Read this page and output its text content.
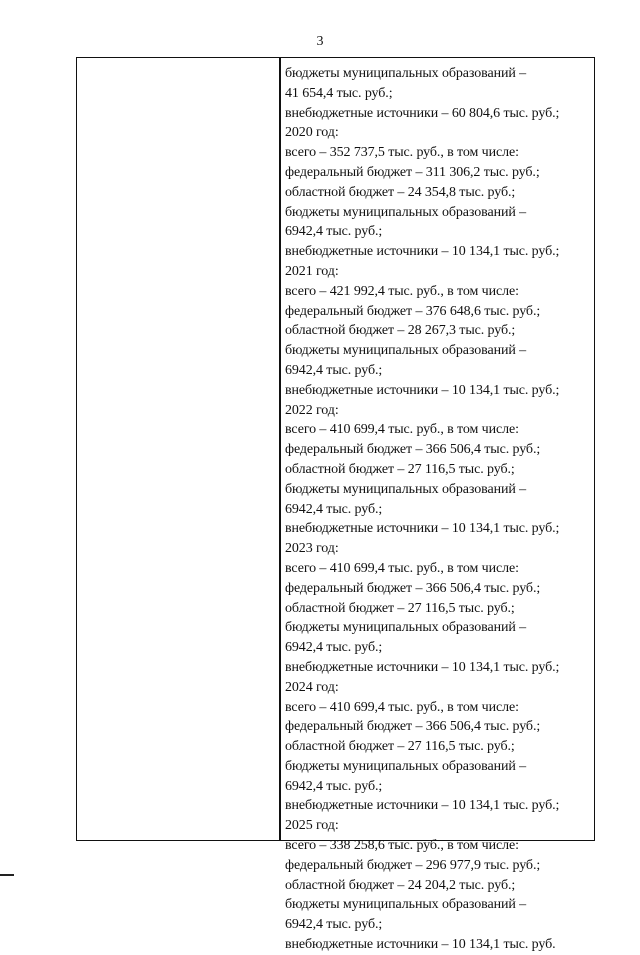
3
бюджеты муниципальных образований –
41 654,4 тыс. руб.;
внебюджетные источники – 60 804,6 тыс. руб.;
2020 год:
всего – 352 737,5 тыс. руб., в том числе:
федеральный бюджет – 311 306,2 тыс. руб.;
областной бюджет – 24 354,8 тыс. руб.;
бюджеты муниципальных образований –
6942,4 тыс. руб.;
внебюджетные источники – 10 134,1 тыс. руб.;
2021 год:
всего – 421 992,4 тыс. руб., в том числе:
федеральный бюджет – 376 648,6 тыс. руб.;
областной бюджет – 28 267,3 тыс. руб.;
бюджеты муниципальных образований –
6942,4 тыс. руб.;
внебюджетные источники – 10 134,1 тыс. руб.;
2022 год:
всего – 410 699,4 тыс. руб., в том числе:
федеральный бюджет – 366 506,4 тыс. руб.;
областной бюджет – 27 116,5 тыс. руб.;
бюджеты муниципальных образований –
6942,4 тыс. руб.;
внебюджетные источники – 10 134,1 тыс. руб.;
2023 год:
всего – 410 699,4 тыс. руб., в том числе:
федеральный бюджет – 366 506,4 тыс. руб.;
областной бюджет – 27 116,5 тыс. руб.;
бюджеты муниципальных образований –
6942,4 тыс. руб.;
внебюджетные источники – 10 134,1 тыс. руб.;
2024 год:
всего – 410 699,4 тыс. руб., в том числе:
федеральный бюджет – 366 506,4 тыс. руб.;
областной бюджет – 27 116,5 тыс. руб.;
бюджеты муниципальных образований –
6942,4 тыс. руб.;
внебюджетные источники – 10 134,1 тыс. руб.;
2025 год:
всего – 338 258,6 тыс. руб., в том числе:
федеральный бюджет – 296 977,9 тыс. руб.;
областной бюджет – 24 204,2 тыс. руб.;
бюджеты муниципальных образований –
6942,4 тыс. руб.;
внебюджетные источники – 10 134,1 тыс. руб.
